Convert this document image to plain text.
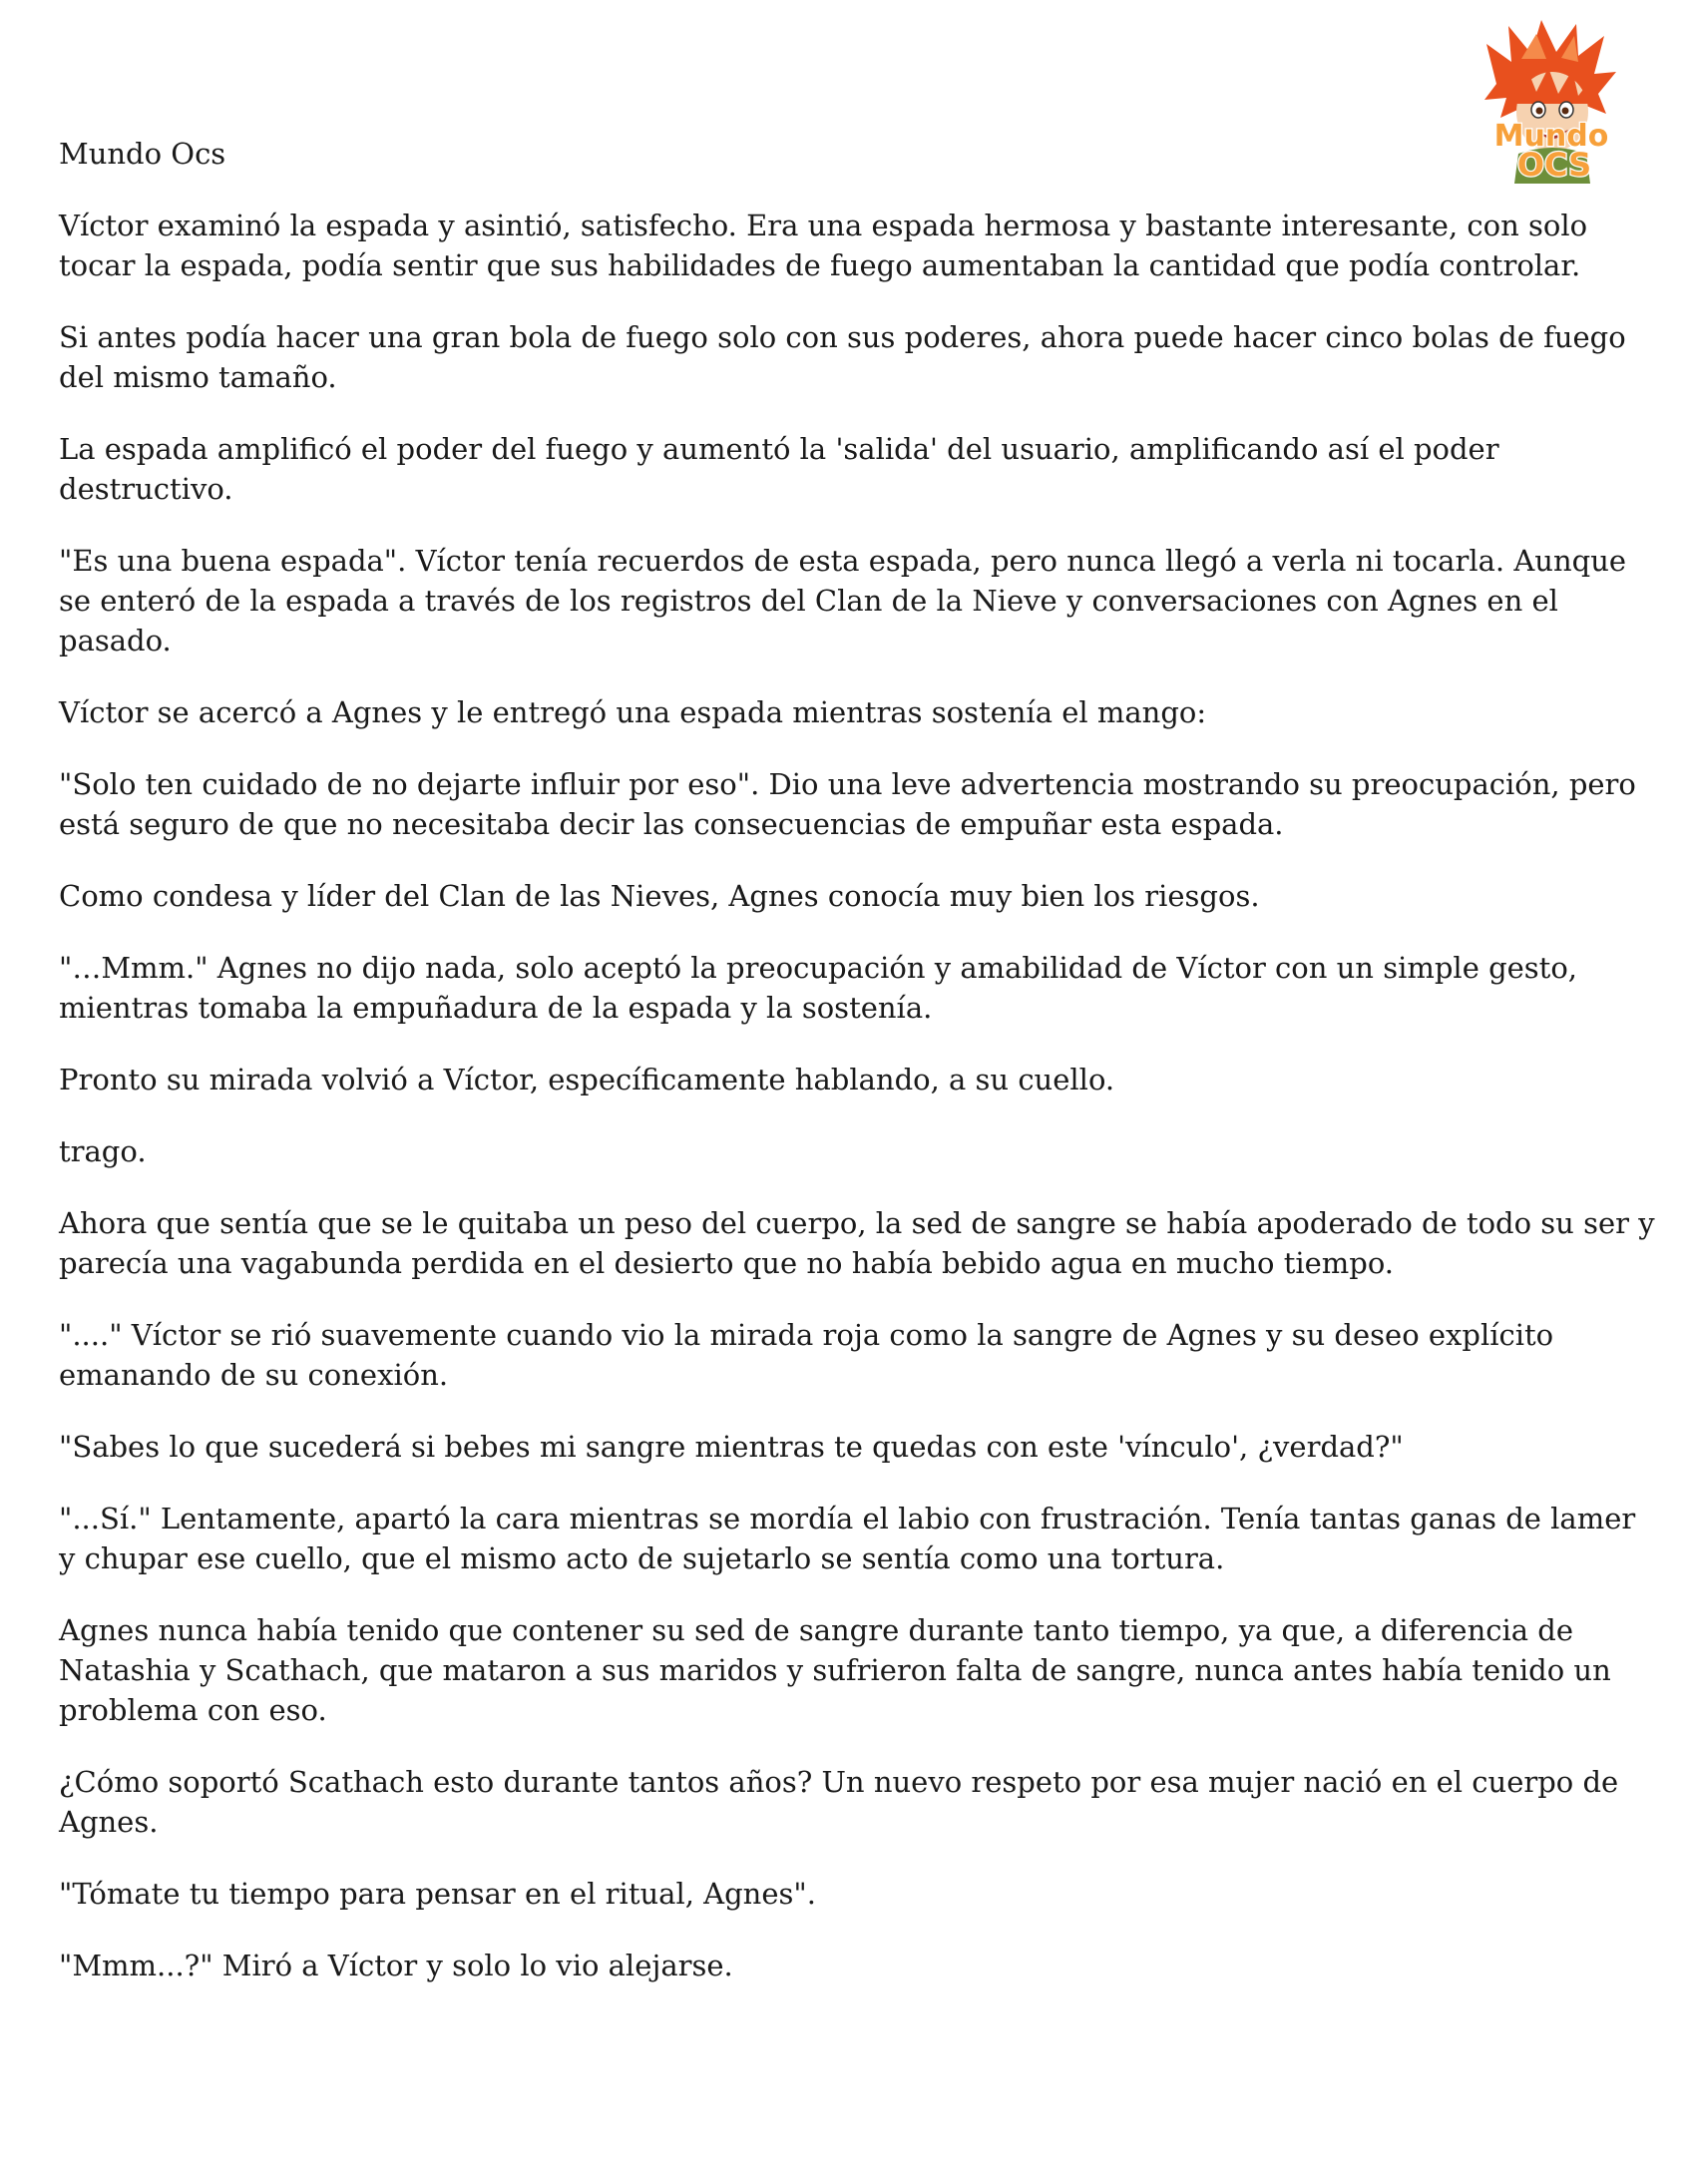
Mundo Ocs	Mundo
OCS

Víctor examinó la espada y asintió, satisfecho. Era una espada hermosa y bastante interesante, con solo tocar la espada, podía sentir que sus habilidades de fuego aumentaban la cantidad que podía controlar.

Si antes podía hacer una gran bola de fuego solo con sus poderes, ahora puede hacer cinco bolas de fuego del mismo tamaño.

La espada amplificó el poder del fuego y aumentó la 'salida' del usuario, amplificando así el poder destructivo.

"Es una buena espada". Víctor tenía recuerdos de esta espada, pero nunca llegó a verla ni tocarla. Aunque se enteró de la espada a través de los registros del Clan de la Nieve y conversaciones con Agnes en el pasado.

Víctor se acercó a Agnes y le entregó una espada mientras sostenía el mango:

"Solo ten cuidado de no dejarte influir por eso". Dio una leve advertencia mostrando su preocupación, pero está seguro de que no necesitaba decir las consecuencias de empuñar esta espada.

Como condesa y líder del Clan de las Nieves, Agnes conocía muy bien los riesgos.

"…Mmm." Agnes no dijo nada, solo aceptó la preocupación y amabilidad de Víctor con un simple gesto, mientras tomaba la empuñadura de la espada y la sostenía.

Pronto su mirada volvió a Víctor, específicamente hablando, a su cuello.

trago.

Ahora que sentía que se le quitaba un peso del cuerpo, la sed de sangre se había apoderado de todo su ser y parecía una vagabunda perdida en el desierto que no había bebido agua en mucho tiempo.

"...." Víctor se rió suavemente cuando vio la mirada roja como la sangre de Agnes y su deseo explícito emanando de su conexión.

"Sabes lo que sucederá si bebes mi sangre mientras te quedas con este 'vínculo', ¿verdad?"

"...Sí." Lentamente, apartó la cara mientras se mordía el labio con frustración. Tenía tantas ganas de lamer y chupar ese cuello, que el mismo acto de sujetarlo se sentía como una tortura.

Agnes nunca había tenido que contener su sed de sangre durante tanto tiempo, ya que, a diferencia de Natashia y Scathach, que mataron a sus maridos y sufrieron falta de sangre, nunca antes había tenido un problema con eso.

¿Cómo soportó Scathach esto durante tantos años? Un nuevo respeto por esa mujer nació en el cuerpo de Agnes.

"Tómate tu tiempo para pensar en el ritual, Agnes".

"Mmm...?" Miró a Víctor y solo lo vio alejarse.
